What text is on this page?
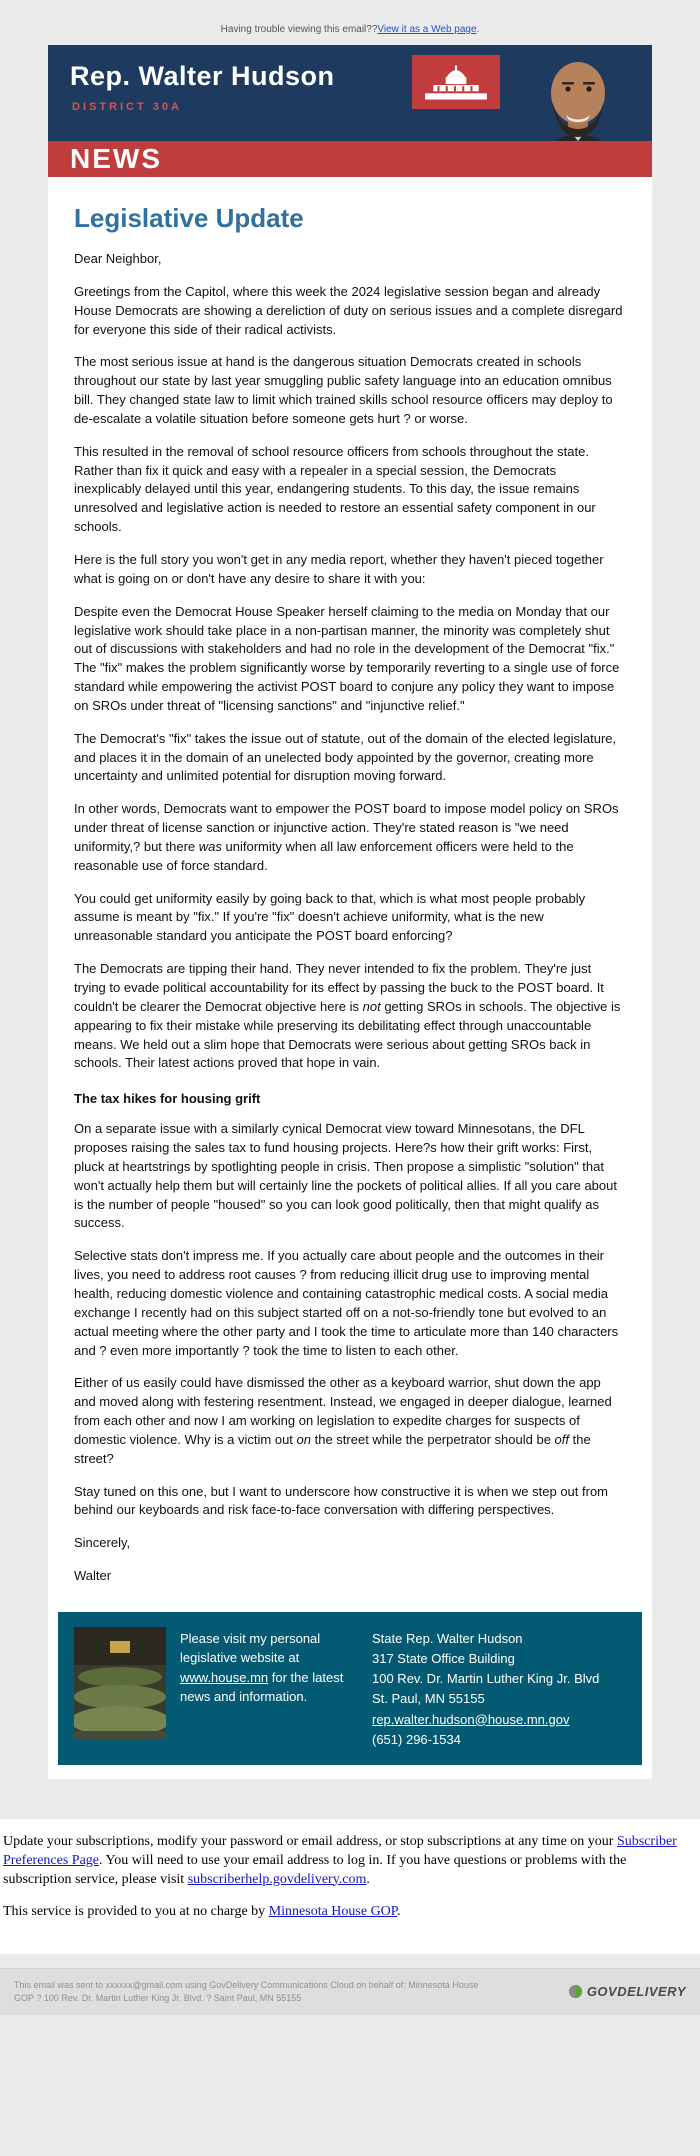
Having trouble viewing this email??View it as a Web page.
Rep. Walter Hudson
DISTRICT 30A
NEWS
Legislative Update

Dear Neighbor,

Greetings from the Capitol, where this week the 2024 legislative session began and already House Democrats are showing a dereliction of duty on serious issues and a complete disregard for everyone this side of their radical activists.

The most serious issue at hand is the dangerous situation Democrats created in schools throughout our state by last year smuggling public safety language into an education omnibus bill. They changed state law to limit which trained skills school resource officers may deploy to de-escalate a volatile situation before someone gets hurt ? or worse.

This resulted in the removal of school resource officers from schools throughout the state. Rather than fix it quick and easy with a repealer in a special session, the Democrats inexplicably delayed until this year, endangering students. To this day, the issue remains unresolved and legislative action is needed to restore an essential safety component in our schools.

Here is the full story you won't get in any media report, whether they haven't pieced together what is going on or don't have any desire to share it with you:

Despite even the Democrat House Speaker herself claiming to the media on Monday that our legislative work should take place in a non-partisan manner, the minority was completely shut out of discussions with stakeholders and had no role in the development of the Democrat "fix." The "fix" makes the problem significantly worse by temporarily reverting to a single use of force standard while empowering the activist POST board to conjure any policy they want to impose on SROs under threat of "licensing sanctions" and "injunctive relief."

The Democrat's "fix" takes the issue out of statute, out of the domain of the elected legislature, and places it in the domain of an unelected body appointed by the governor, creating more uncertainty and unlimited potential for disruption moving forward.

In other words, Democrats want to empower the POST board to impose model policy on SROs under threat of license sanction or injunctive action. They're stated reason is "we need uniformity,? but there was uniformity when all law enforcement officers were held to the reasonable use of force standard.

You could get uniformity easily by going back to that, which is what most people probably assume is meant by "fix." If you're "fix" doesn't achieve uniformity, what is the new unreasonable standard you anticipate the POST board enforcing?

The Democrats are tipping their hand. They never intended to fix the problem. They're just trying to evade political accountability for its effect by passing the buck to the POST board. It couldn't be clearer the Democrat objective here is not getting SROs in schools. The objective is appearing to fix their mistake while preserving its debilitating effect through unaccountable means. We held out a slim hope that Democrats were serious about getting SROs back in schools. Their latest actions proved that hope in vain.

The tax hikes for housing grift

On a separate issue with a similarly cynical Democrat view toward Minnesotans, the DFL proposes raising the sales tax to fund housing projects. Here?s how their grift works: First, pluck at heartstrings by spotlighting people in crisis. Then propose a simplistic "solution" that won't actually help them but will certainly line the pockets of political allies. If all you care about is the number of people "housed" so you can look good politically, then that might qualify as success.

Selective stats don't impress me. If you actually care about people and the outcomes in their lives, you need to address root causes ? from reducing illicit drug use to improving mental health, reducing domestic violence and containing catastrophic medical costs. A social media exchange I recently had on this subject started off on a not-so-friendly tone but evolved to an actual meeting where the other party and I took the time to articulate more than 140 characters and ? even more importantly ? took the time to listen to each other.

Either of us easily could have dismissed the other as a keyboard warrior, shut down the app and moved along with festering resentment. Instead, we engaged in deeper dialogue, learned from each other and now I am working on legislation to expedite charges for suspects of domestic violence. Why is a victim out on the street while the perpetrator should be off the street?

Stay tuned on this one, but I want to underscore how constructive it is when we step out from behind our keyboards and risk face-to-face conversation with differing perspectives.

Sincerely,

Walter

Please visit my personal legislative website at www.house.mn for the latest news and information.
State Rep. Walter Hudson
317 State Office Building
100 Rev. Dr. Martin Luther King Jr. Blvd
St. Paul, MN 55155
rep.walter.hudson@house.mn.gov
(651) 296-1534

Update your subscriptions, modify your password or email address, or stop subscriptions at any time on your Subscriber Preferences Page. You will need to use your email address to log in. If you have questions or problems with the subscription service, please visit subscriberhelp.govdelivery.com.

This service is provided to you at no charge by Minnesota House GOP.

This email was sent to xxxxxx@gmail.com using GovDelivery Communications Cloud on behalf of: Minnesota House GOP ? 100 Rev. Dr. Martin Luther King Jr. Blvd. ? Saint Paul, MN 55155	GOVDELIVERY
